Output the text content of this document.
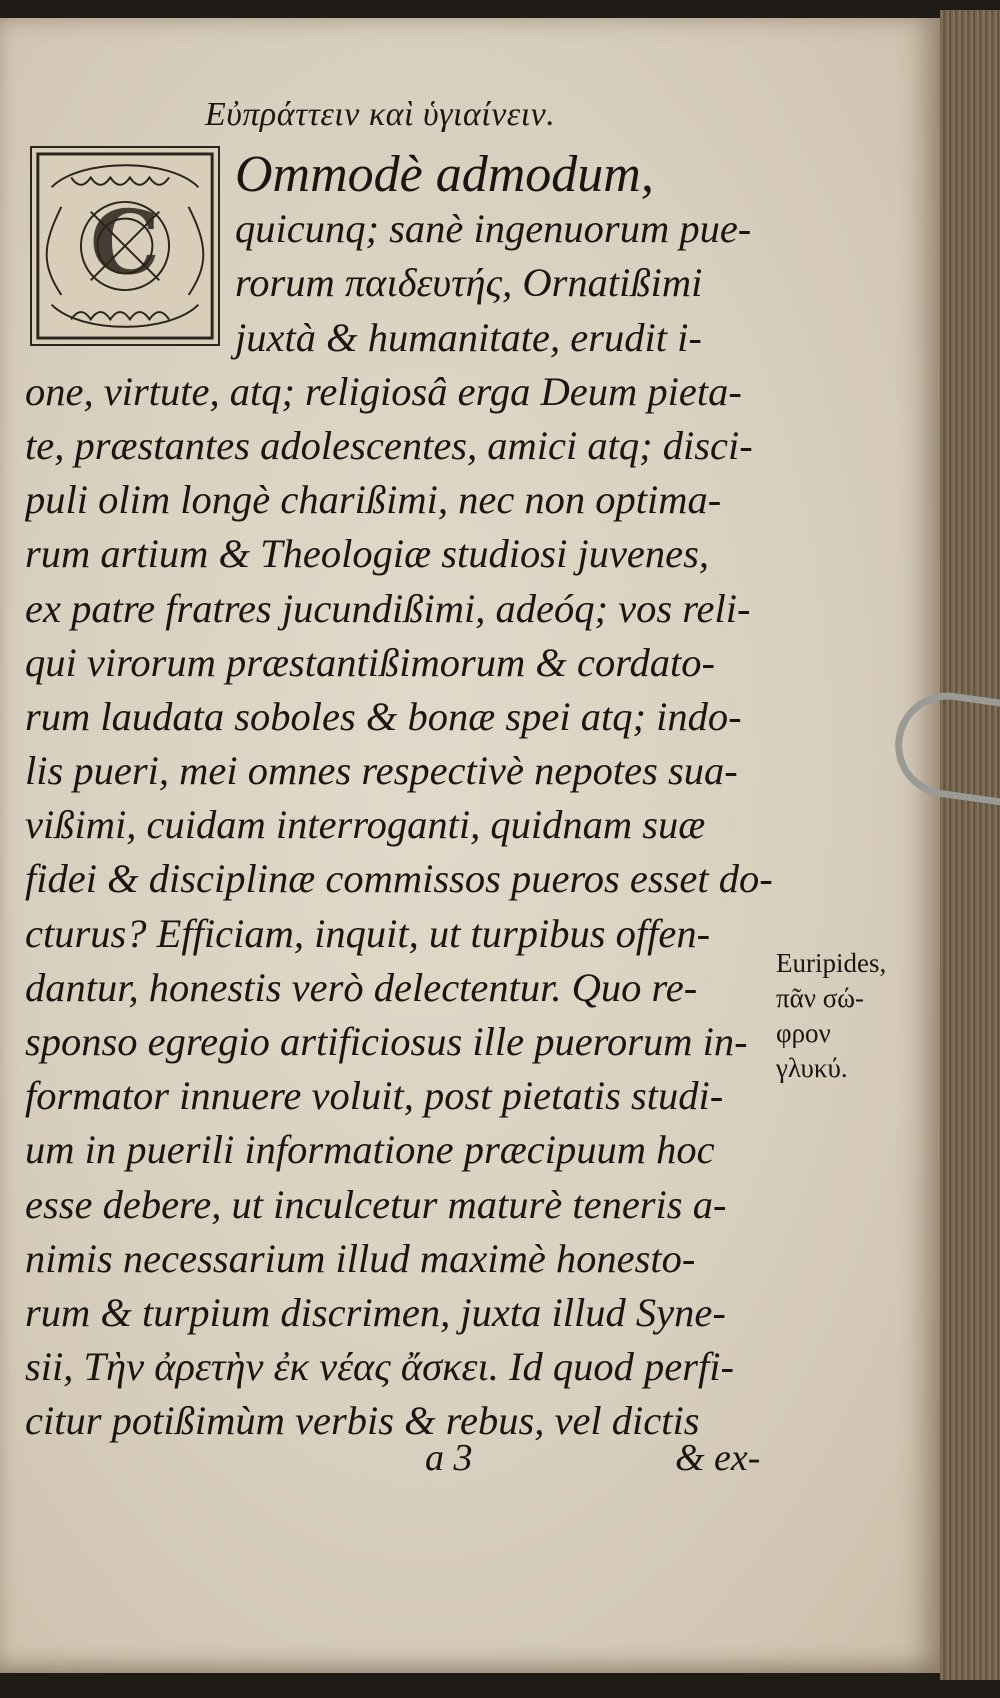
Εὐπράττειν καὶ ὑγιαίνειν.
C
Ommodè admodum,
quicunq; sanè ingenuorum pue-
rorum παιδευτής, Ornatißimi
juxtà & humanitate, erudit i-
one, virtute, atq; religiosâ erga Deum pieta-
te, præstantes adolescentes, amici atq; disci-
puli olim longè charißimi, nec non optima-
rum artium & Theologiæ studiosi juvenes,
ex patre fratres jucundißimi, adeóq; vos reli-
qui virorum præstantißimorum & cordato-
rum laudata soboles & bonæ spei atq; indo-
lis pueri, mei omnes respectivè nepotes sua-
vißimi, cuidam interroganti, quidnam suæ
fidei & disciplinæ commissos pueros esset do-
cturus? Efficiam, inquit, ut turpibus offen-
dantur, honestis verò delectentur. Quo re-
sponso egregio artificiosus ille puerorum in-
formator innuere voluit, post pietatis studi-
um in puerili informatione præcipuum hoc
esse debere, ut inculcetur maturè teneris a-
nimis necessarium illud maximè honesto-
rum & turpium discrimen, juxta illud Syne-
sii, Τὴν ἀρετὴν ἐκ νέας ἄσκει. Id quod perfi-
citur potißimùm verbis & rebus, vel dictis
Euripides,
πᾶν σώ-
φρον
γλυκύ.
a 3	& ex-
